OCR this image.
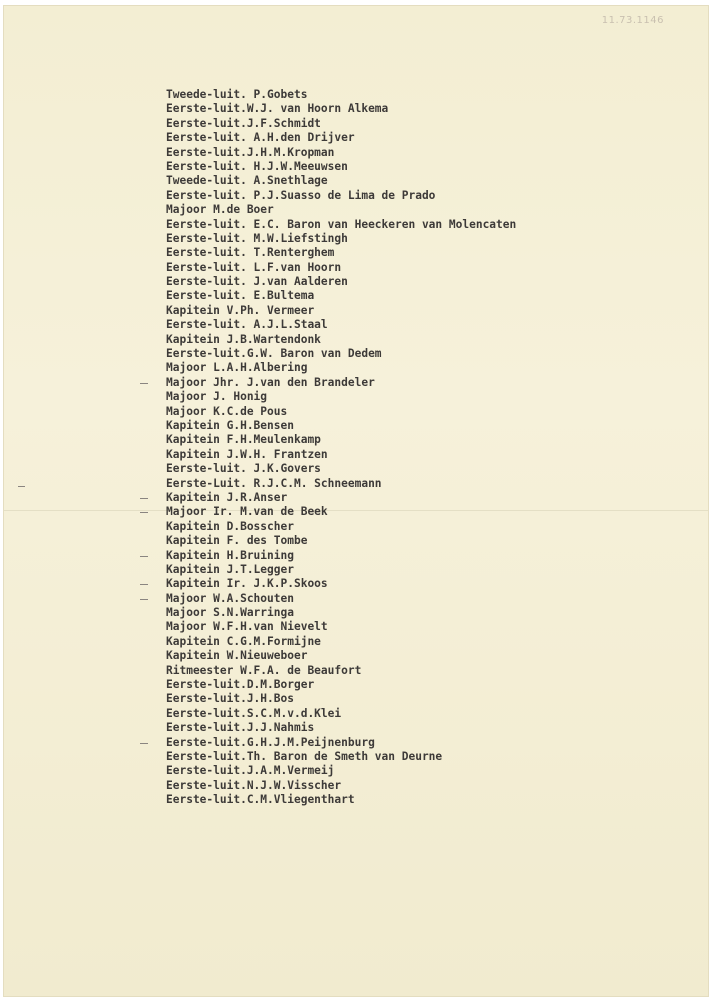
11.73.1146
Tweede-luit. P.Gobets
Eerste-luit.W.J. van Hoorn Alkema
Eerste-luit.J.F.Schmidt
Eerste-luit. A.H.den Drijver
Eerste-luit.J.H.M.Kropman
Eerste-luit. H.J.W.Meeuwsen
Tweede-luit. A.Snethlage
Eerste-luit. P.J.Suasso de Lima de Prado
Majoor M.de Boer
Eerste-luit. E.C. Baron van Heeckeren van Molencaten
Eerste-luit. M.W.Liefstingh
Eerste-luit. T.Renterghem
Eerste-luit. L.F.van Hoorn
Eerste-luit. J.van Aalderen
Eerste-luit. E.Bultema
Kapitein V.Ph. Vermeer
Eerste-luit. A.J.L.Staal
Kapitein J.B.Wartendonk
Eerste-luit.G.W. Baron van Dedem
Majoor L.A.H.Albering
Majoor Jhr. J.van den Brandeler
Majoor J. Honig
Majoor K.C.de Pous
Kapitein G.H.Bensen
Kapitein F.H.Meulenkamp
Kapitein J.W.H. Frantzen
Eerste-luit. J.K.Govers
Eerste-Luit. R.J.C.M. Schneemann
Kapitein J.R.Anser
Majoor Ir. M.van de Beek
Kapitein D.Bosscher
Kapitein F. des Tombe
Kapitein H.Bruining
Kapitein J.T.Legger
Kapitein Ir. J.K.P.Skoos
Majoor W.A.Schouten
Majoor S.N.Warringa
Majoor W.F.H.van Nievelt
Kapitein C.G.M.Formijne
Kapitein W.Nieuweboer
Ritmeester W.F.A. de Beaufort
Eerste-luit.D.M.Borger
Eerste-luit.J.H.Bos
Eerste-luit.S.C.M.v.d.Klei
Eerste-luit.J.J.Nahmis
Eerste-luit.G.H.J.M.Peijnenburg
Eerste-luit.Th. Baron de Smeth van Deurne
Eerste-luit.J.A.M.Vermeij
Eerste-luit.N.J.W.Visscher
Eerste-luit.C.M.Vliegenthart
